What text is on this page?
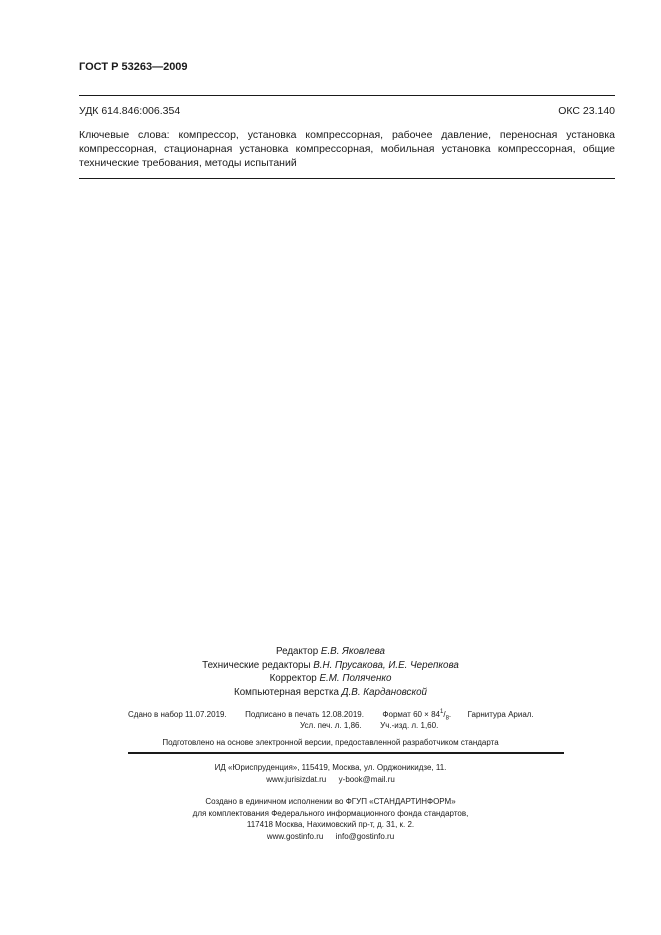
ГОСТ Р 53263—2009
УДК 614.846:006.354	ОКС 23.140

Ключевые слова: компрессор, установка компрессорная, рабочее давление, переносная установка

компрессорная, стационарная установка компрессорная, мобильная установка компрессорная, общие

технические требования, методы испытаний

Редактор Е.В. Яковлева
Технические редакторы В.Н. Прусакова, И.Е. Черепкова
Корректор Е.М. Поляченко
Компьютерная верстка Д.В. Кардановской
Сдано в набор 11.07.2019. Подписано в печать 12.08.2019. Формат $60 \times 84^1/_8$. Гарнитура Ариал.
Усл. печ. л. 1,86. Уч.-изд. л. 1,60.
Подготовлено на основе электронной версии, предоставленной разработчиком стандарта
ИД «Юриспруденция», 115419, Москва, ул. Орджоникидзе, 11.
www.jurisizdat.ru y-book@mail.ru
Создано в единичном исполнении во ФГУП «СТАНДАРТИНФОРМ»
для комплектования Федерального информационного фонда стандартов,
117418 Москва, Нахимовский пр-т, д. 31, к. 2.
www.gostinfo.ru info@gostinfo.ru
